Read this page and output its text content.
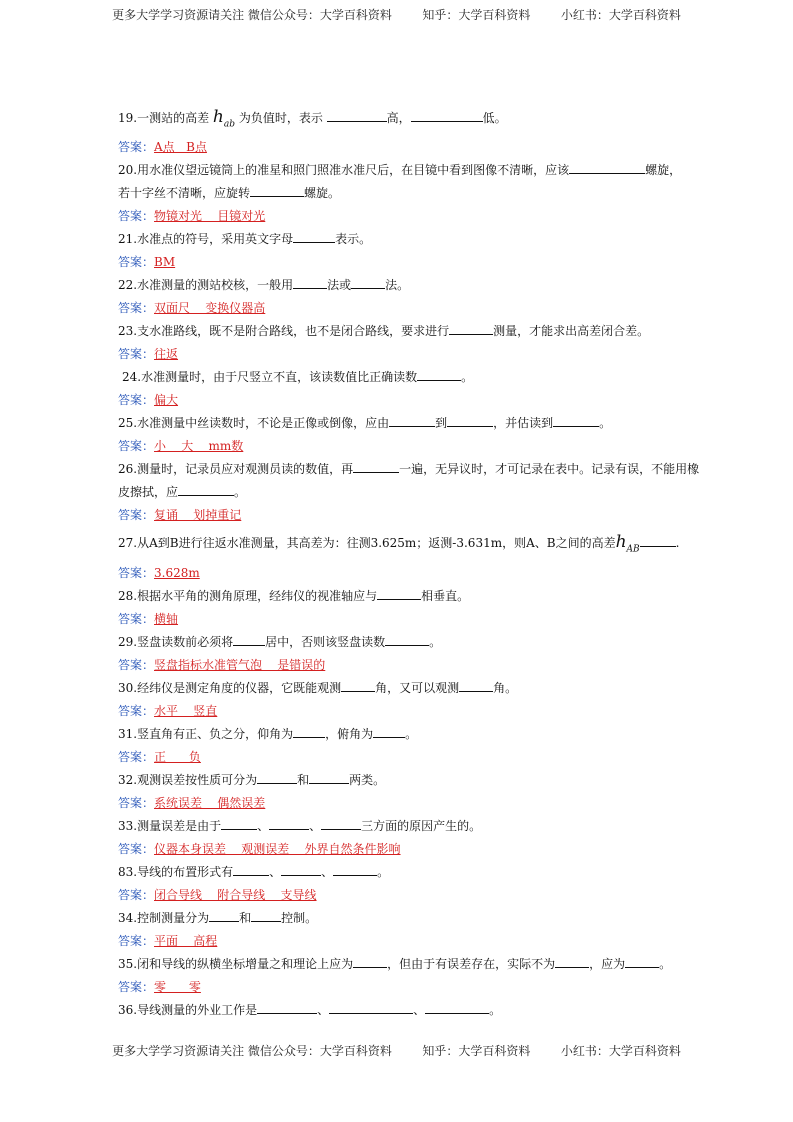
更多大学学习资源请关注 微信公众号：大学百科资料        知乎：大学百科资料        小红书：大学百科资料

19.一测站的高差 $h_{ab}$ 为负值时，表示	高，	低。

答案：A点   B点

20.用水准仪望远镜筒上的准星和照门照准水准尺后，在目镜中看到图像不清晰，应该	螺旋，

若十字丝不清晰，应旋转	螺旋。

答案：物镜对光    目镜对光

21.水准点的符号，采用英文字母	表示。

答案：BM

22.水准测量的测站校核，一般用	法或	法。

答案：双面尺    变换仪器高

23.支水准路线，既不是附合路线，也不是闭合路线，要求进行	测量，才能求出高差闭合差。

答案：往返

24.水准测量时，由于尺竖立不直，该读数值比正确读数	。

答案：偏大

25.水准测量中丝读数时，不论是正像或倒像，应由	到	，并估读到	。

答案：小    大    mm数

26.测量时，记录员应对观测员读的数值，再	一遍，无异议时，才可记录在表中。记录有误，不能用橡

皮擦拭，应	。

答案：复诵    划掉重记

27.从A到B进行往返水准测量，其高差为：往测3.625m；返测-3.631m，则A、B之间的高差$h_{AB}$	.

答案：3.628m

28.根据水平角的测角原理，经纬仪的视准轴应与	相垂直。

答案：横轴

29.竖盘读数前必须将	居中，否则该竖盘读数	。

答案：竖盘指标水准管气泡    是错误的

30.经纬仪是测定角度的仪器，它既能观测	角，又可以观测	角。

答案：水平    竖直

31.竖直角有正、负之分，仰角为	，俯角为	。

答案：正      负

32.观测误差按性质可分为	和	两类。

答案：系统误差    偶然误差

33.测量误差是由于	、	、	三方面的原因产生的。

答案：仪器本身误差    观测误差    外界自然条件影响

83.导线的布置形式有	、	、	。

答案：闭合导线    附合导线    支导线

34.控制测量分为	和	控制。

答案：平面    高程

35.闭和导线的纵横坐标增量之和理论上应为	，但由于有误差存在，实际不为	，应为	。

答案：零      零

36.导线测量的外业工作是	、	、	。

更多大学学习资源请关注 微信公众号：大学百科资料        知乎：大学百科资料        小红书：大学百科资料
